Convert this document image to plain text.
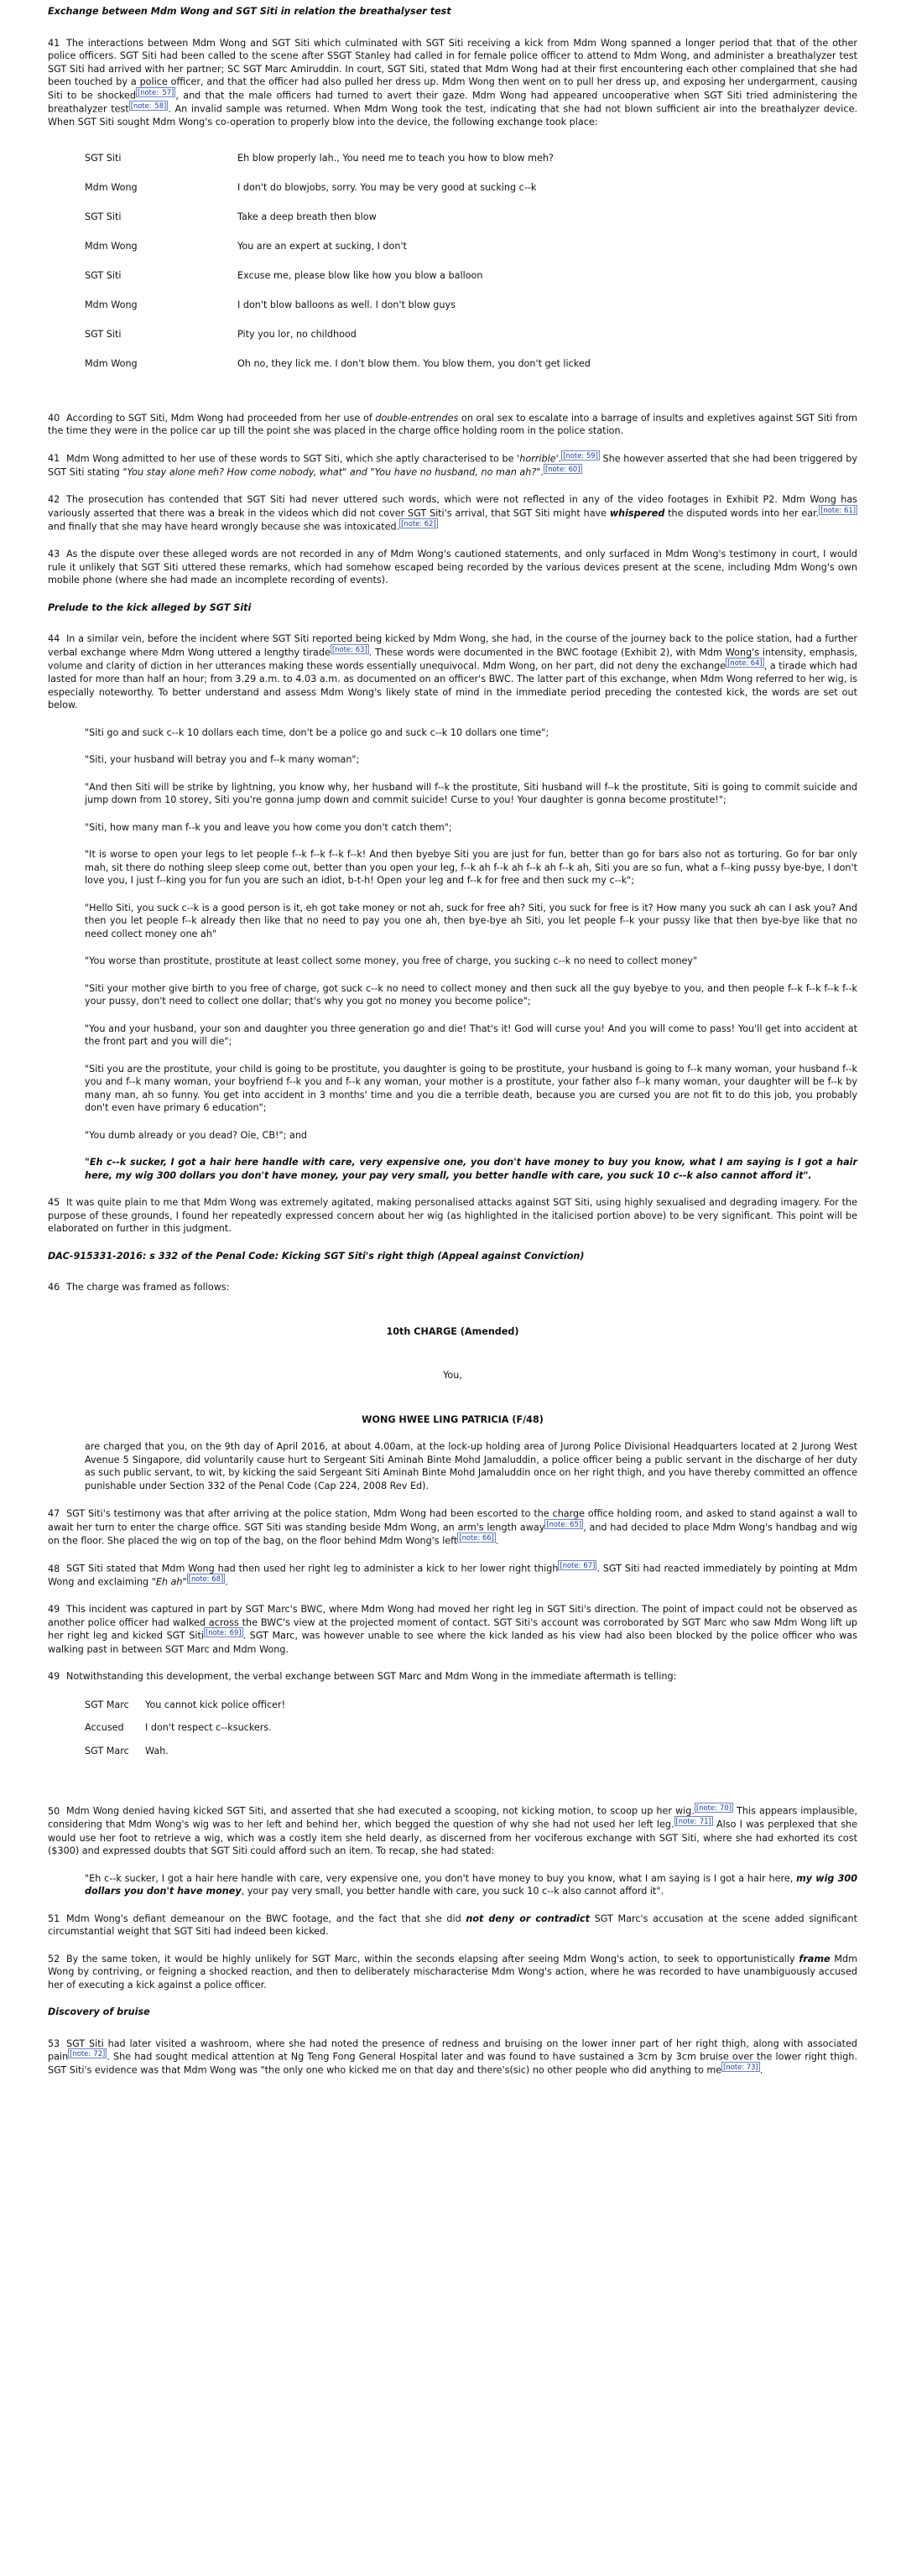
Exchange between Mdm Wong and SGT Siti in relation the breathalyser test

41 The interactions between Mdm Wong and SGT Siti which culminated with SGT Siti receiving a kick from Mdm Wong spanned a longer period that that of the other police officers. SGT Siti had been called to the scene after SSGT Stanley had called in for female police officer to attend to Mdm Wong, and administer a breathalyzer test SGT Siti had arrived with her partner; SC SGT Marc Amiruddin. In court, SGT Siti, stated that Mdm Wong had at their first encountering each other complained that she had been touched by a police officer, and that the officer had also pulled her dress up. Mdm Wong then went on to pull her dress up, and exposing her undergarment, causing Siti to be shocked [note: 57] , and that the male officers had turned to avert their gaze. Mdm Wong had appeared uncooperative when SGT Siti tried administering the breathalyzer test [note: 58] . An invalid sample was returned. When Mdm Wong took the test, indicating that she had not blown sufficient air into the breathalyzer device. When SGT Siti sought Mdm Wong's co-operation to properly blow into the device, the following exchange took place:

SGT Siti	Eh blow properly lah., You need me to teach you how to blow meh?
Mdm Wong	I don't do blowjobs, sorry. You may be very good at sucking c--k
SGT Siti	Take a deep breath then blow
Mdm Wong	You are an expert at sucking, I don't
SGT Siti	Excuse me, please blow like how you blow a balloon
Mdm Wong	I don't blow balloons as well. I don't blow guys
SGT Siti	Pity you lor, no childhood
Mdm Wong	Oh no, they lick me. I don't blow them. You blow them, you don't get licked

40 According to SGT Siti, Mdm Wong had proceeded from her use of double-entrendes on oral sex to escalate into a barrage of insults and expletives against SGT Siti from the time they were in the police car up till the point she was placed in the charge office holding room in the police station.

41 Mdm Wong admitted to her use of these words to SGT Siti, which she aptly characterised to be 'horrible'. [note: 59] She however asserted that she had been triggered by SGT Siti stating "You stay alone meh? How come nobody, what" and "You have no husband, no man ah?". [note: 60]

42 The prosecution has contended that SGT Siti had never uttered such words, which were not reflected in any of the video footages in Exhibit P2. Mdm Wong has variously asserted that there was a break in the videos which did not cover SGT Siti's arrival, that SGT Siti might have whispered the disputed words into her ear. [note: 61] and finally that she may have heard wrongly because she was intoxicated. [note: 62]

43 As the dispute over these alleged words are not recorded in any of Mdm Wong's cautioned statements, and only surfaced in Mdm Wong's testimony in court, I would rule it unlikely that SGT Siti uttered these remarks, which had somehow escaped being recorded by the various devices present at the scene, including Mdm Wong's own mobile phone (where she had made an incomplete recording of events).

Prelude to the kick alleged by SGT Siti

44 In a similar vein, before the incident where SGT Siti reported being kicked by Mdm Wong, she had, in the course of the journey back to the police station, had a further verbal exchange where Mdm Wong uttered a lengthy tirade [note: 63] . These words were documented in the BWC footage (Exhibit 2), with Mdm Wong's intensity, emphasis, volume and clarity of diction in her utterances making these words essentially unequivocal. Mdm Wong, on her part, did not deny the exchange [note: 64] , a tirade which had lasted for more than half an hour; from 3.29 a.m. to 4.03 a.m. as documented on an officer's BWC. The latter part of this exchange, when Mdm Wong referred to her wig, is especially noteworthy. To better understand and assess Mdm Wong's likely state of mind in the immediate period preceding the contested kick, the words are set out below.

"Siti go and suck c--k 10 dollars each time, don't be a police go and suck c--k 10 dollars one time";

"Siti, your husband will betray you and f--k many woman";

"And then Siti will be strike by lightning, you know why, her husband will f--k the prostitute, Siti husband will f--k the prostitute, Siti is going to commit suicide and jump down from 10 storey, Siti you're gonna jump down and commit suicide! Curse to you! Your daughter is gonna become prostitute!";

"Siti, how many man f--k you and leave you how come you don't catch them";

"It is worse to open your legs to let people f--k f--k f--k f--k! And then byebye Siti you are just for fun, better than go for bars also not as torturing. Go for bar only mah, sit there do nothing sleep sleep come out, better than you open your leg, f--k ah f--k ah f--k ah f--k ah, Siti you are so fun, what a f--king pussy bye-bye, I don't love you, I just f--king you for fun you are such an idiot, b-t-h! Open your leg and f--k for free and then suck my c--k";

"Hello Siti, you suck c--k is a good person is it, eh got take money or not ah, suck for free ah? Siti, you suck for free is it? How many you suck ah can I ask you? And then you let people f--k already then like that no need to pay you one ah, then bye-bye ah Siti, you let people f--k your pussy like that then bye-bye like that no need collect money one ah"

"You worse than prostitute, prostitute at least collect some money, you free of charge, you sucking c--k no need to collect money"

"Siti your mother give birth to you free of charge, got suck c--k no need to collect money and then suck all the guy byebye to you, and then people f--k f--k f--k f--k your pussy, don't need to collect one dollar; that's why you got no money you become police";

"You and your husband, your son and daughter you three generation go and die! That's it! God will curse you! And you will come to pass! You'll get into accident at the front part and you will die";

"Siti you are the prostitute, your child is going to be prostitute, you daughter is going to be prostitute, your husband is going to f--k many woman, your husband f--k you and f--k many woman, your boyfriend f--k you and f--k any woman, your mother is a prostitute, your father also f--k many woman, your daughter will be f--k by many man, ah so funny. You get into accident in 3 months' time and you die a terrible death, because you are cursed you are not fit to do this job, you probably don't even have primary 6 education";

"You dumb already or you dead? Oie, CB!"; and

"Eh c--k sucker, I got a hair here handle with care, very expensive one, you don't have money to buy you know, what I am saying is I got a hair here, my wig 300 dollars you don't have money, your pay very small, you better handle with care, you suck 10 c--k also cannot afford it".

45 It was quite plain to me that Mdm Wong was extremely agitated, making personalised attacks against SGT Siti, using highly sexualised and degrading imagery. For the purpose of these grounds, I found her repeatedly expressed concern about her wig (as highlighted in the italicised portion above) to be very significant. This point will be elaborated on further in this judgment.

DAC-915331-2016: s 332 of the Penal Code: Kicking SGT Siti's right thigh (Appeal against Conviction)

46 The charge was framed as follows:

10th CHARGE (Amended)

You,

WONG HWEE LING PATRICIA (F/48)

are charged that you, on the 9th day of April 2016, at about 4.00am, at the lock-up holding area of Jurong Police Divisional Headquarters located at 2 Jurong West Avenue 5 Singapore, did voluntarily cause hurt to Sergeant Siti Aminah Binte Mohd Jamaluddin, a police officer being a public servant in the discharge of her duty as such public servant, to wit, by kicking the said Sergeant Siti Aminah Binte Mohd Jamaluddin once on her right thigh, and you have thereby committed an offence punishable under Section 332 of the Penal Code (Cap 224, 2008 Rev Ed).

47 SGT Siti's testimony was that after arriving at the police station, Mdm Wong had been escorted to the charge office holding room, and asked to stand against a wall to await her turn to enter the charge office. SGT Siti was standing beside Mdm Wong, an arm's length away [note: 65] , and had decided to place Mdm Wong's handbag and wig on the floor. She placed the wig on top of the bag, on the floor behind Mdm Wong's left [note: 66] .

48 SGT Siti stated that Mdm Wong had then used her right leg to administer a kick to her lower right thigh [note: 67] . SGT Siti had reacted immediately by pointing at Mdm Wong and exclaiming "Eh ah" [note: 68] .

49 This incident was captured in part by SGT Marc's BWC, where Mdm Wong had moved her right leg in SGT Siti's direction. The point of impact could not be observed as another police officer had walked across the BWC's view at the projected moment of contact. SGT Siti's account was corroborated by SGT Marc who saw Mdm Wong lift up her right leg and kicked SGT Siti [note: 69] . SGT Marc, was however unable to see where the kick landed as his view had also been blocked by the police officer who was walking past in between SGT Marc and Mdm Wong.

49 Notwithstanding this development, the verbal exchange between SGT Marc and Mdm Wong in the immediate aftermath is telling:

SGT Marc	You cannot kick police officer!
Accused	I don't respect c--ksuckers.
SGT Marc	Wah.

50 Mdm Wong denied having kicked SGT Siti, and asserted that she had executed a scooping, not kicking motion, to scoop up her wig. [note: 70] This appears implausible, considering that Mdm Wong's wig was to her left and behind her, which begged the question of why she had not used her left leg. [note: 71] Also I was perplexed that she would use her foot to retrieve a wig, which was a costly item she held dearly, as discerned from her vociferous exchange with SGT Siti, where she had exhorted its cost ($300) and expressed doubts that SGT Siti could afford such an item. To recap, she had stated:

"Eh c--k sucker, I got a hair here handle with care, very expensive one, you don't have money to buy you know, what I am saying is I got a hair here, my wig 300 dollars you don't have money, your pay very small, you better handle with care, you suck 10 c--k also cannot afford it".

51 Mdm Wong's defiant demeanour on the BWC footage, and the fact that she did not deny or contradict SGT Marc's accusation at the scene added significant circumstantial weight that SGT Siti had indeed been kicked.

52 By the same token, it would be highly unlikely for SGT Marc, within the seconds elapsing after seeing Mdm Wong's action, to seek to opportunistically frame Mdm Wong by contriving, or feigning a shocked reaction, and then to deliberately mischaracterise Mdm Wong's action, where he was recorded to have unambiguously accused her of executing a kick against a police officer.

Discovery of bruise

53 SGT Siti had later visited a washroom, where she had noted the presence of redness and bruising on the lower inner part of her right thigh, along with associated pain [note: 72] . She had sought medical attention at Ng Teng Fong General Hospital later and was found to have sustained a 3cm by 3cm bruise over the lower right thigh. SGT Siti's evidence was that Mdm Wong was "the only one who kicked me on that day and there's(sic) no other people who did anything to me [note: 73] .
